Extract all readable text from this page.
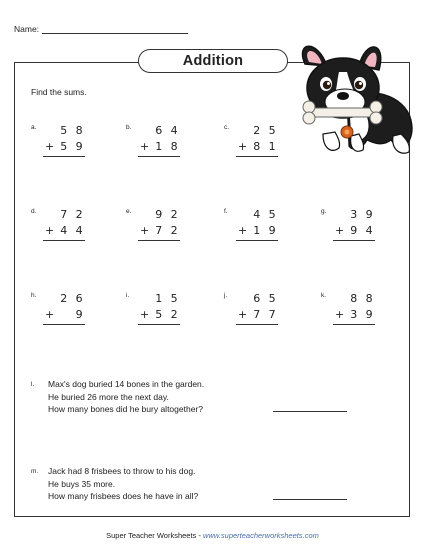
Name:
Addition
Find the sums.
a.	5 8
+ 5 9
b.	6 4
+ 1 8
c.	2 5
+ 8 1
d.	7 2
+ 4 4
e.	9 2
+ 7 2
f.	4 5
+ 1 9
g.	3 9
+ 9 4
h.	2 6
+	9
i.	1 5
+ 5 2
j.	6 5
+ 7 7
k.	8 8
+ 3 9
l. Max's dog buried 14 bones in the garden.
He buried 26 more the next day.
How many bones did he bury altogether?
m. Jack had 8 frisbees to throw to his dog.
He buys 35 more.
How many frisbees does he have in all?
Super Teacher Worksheets - www.superteacherworksheets.com
